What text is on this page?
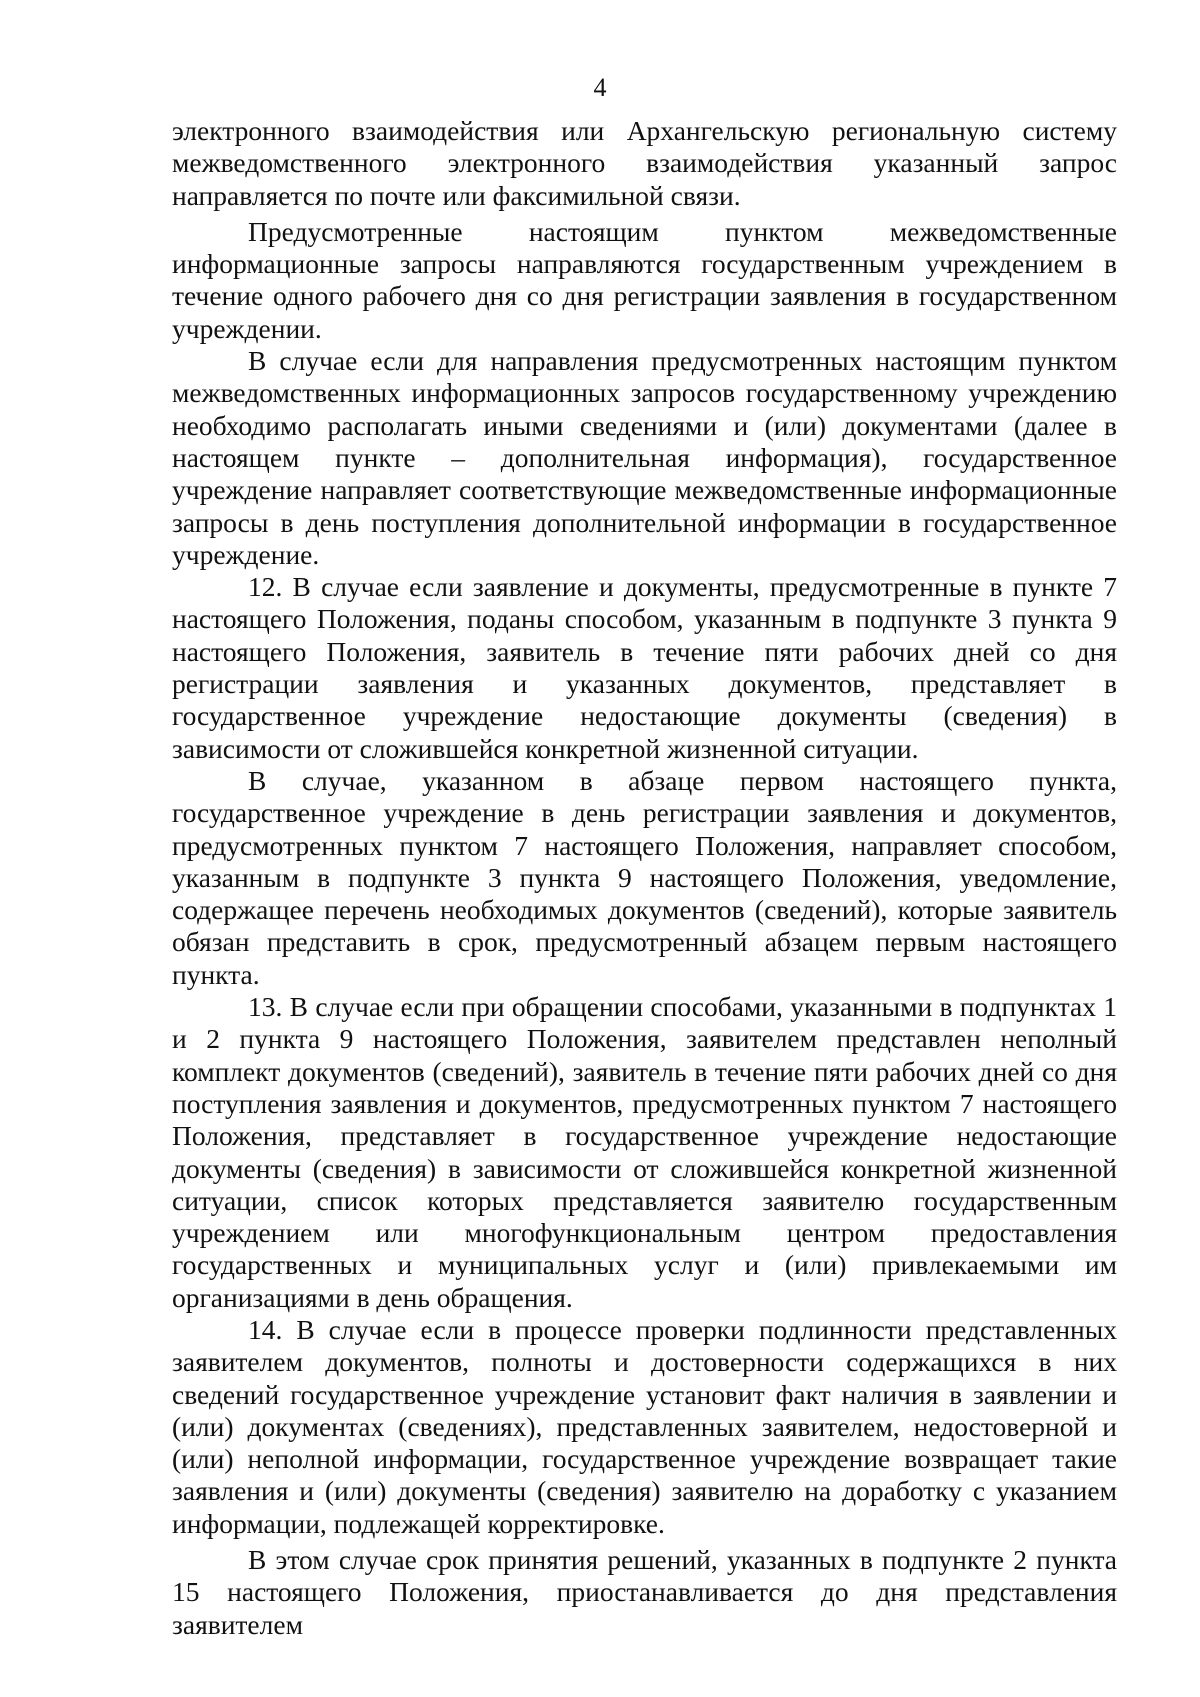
4

электронного взаимодействия или Архангельскую региональную систему межведомственного электронного взаимодействия указанный запрос направляется по почте или факсимильной связи.

Предусмотренные настоящим пунктом межведомственные информационные запросы направляются государственным учреждением в течение одного рабочего дня со дня регистрации заявления в государственном учреждении.

В случае если для направления предусмотренных настоящим пунктом межведомственных информационных запросов государственному учреждению необходимо располагать иными сведениями и (или) документами (далее в настоящем пункте – дополнительная информация), государственное учреждение направляет соответствующие межведомственные информационные запросы в день поступления дополнительной информации в государственное учреждение.

12. В случае если заявление и документы, предусмотренные в пункте 7 настоящего Положения, поданы способом, указанным в подпункте 3 пункта 9 настоящего Положения, заявитель в течение пяти рабочих дней со дня регистрации заявления и указанных документов, представляет в государственное учреждение недостающие документы (сведения) в зависимости от сложившейся конкретной жизненной ситуации.

В случае, указанном в абзаце первом настоящего пункта, государственное учреждение в день регистрации заявления и документов, предусмотренных пунктом 7 настоящего Положения, направляет способом, указанным в подпункте 3 пункта 9 настоящего Положения, уведомление, содержащее перечень необходимых документов (сведений), которые заявитель обязан представить в срок, предусмотренный абзацем первым настоящего пункта.

13. В случае если при обращении способами, указанными в подпунктах 1 и 2 пункта 9 настоящего Положения, заявителем представлен неполный комплект документов (сведений), заявитель в течение пяти рабочих дней со дня поступления заявления и документов, предусмотренных пунктом 7 настоящего Положения, представляет в государственное учреждение недостающие документы (сведения) в зависимости от сложившейся конкретной жизненной ситуации, список которых представляется заявителю государственным учреждением или многофункциональным центром предоставления государственных и муниципальных услуг и (или) привлекаемыми им организациями в день обращения.

14. В случае если в процессе проверки подлинности представленных заявителем документов, полноты и достоверности содержащихся в них сведений государственное учреждение установит факт наличия в заявлении и (или) документах (сведениях), представленных заявителем, недостоверной и (или) неполной информации, государственное учреждение возвращает такие заявления и (или) документы (сведения) заявителю на доработку с указанием информации, подлежащей корректировке.

В этом случае срок принятия решений, указанных в подпункте 2 пункта 15 настоящего Положения, приостанавливается до дня представления заявителем
